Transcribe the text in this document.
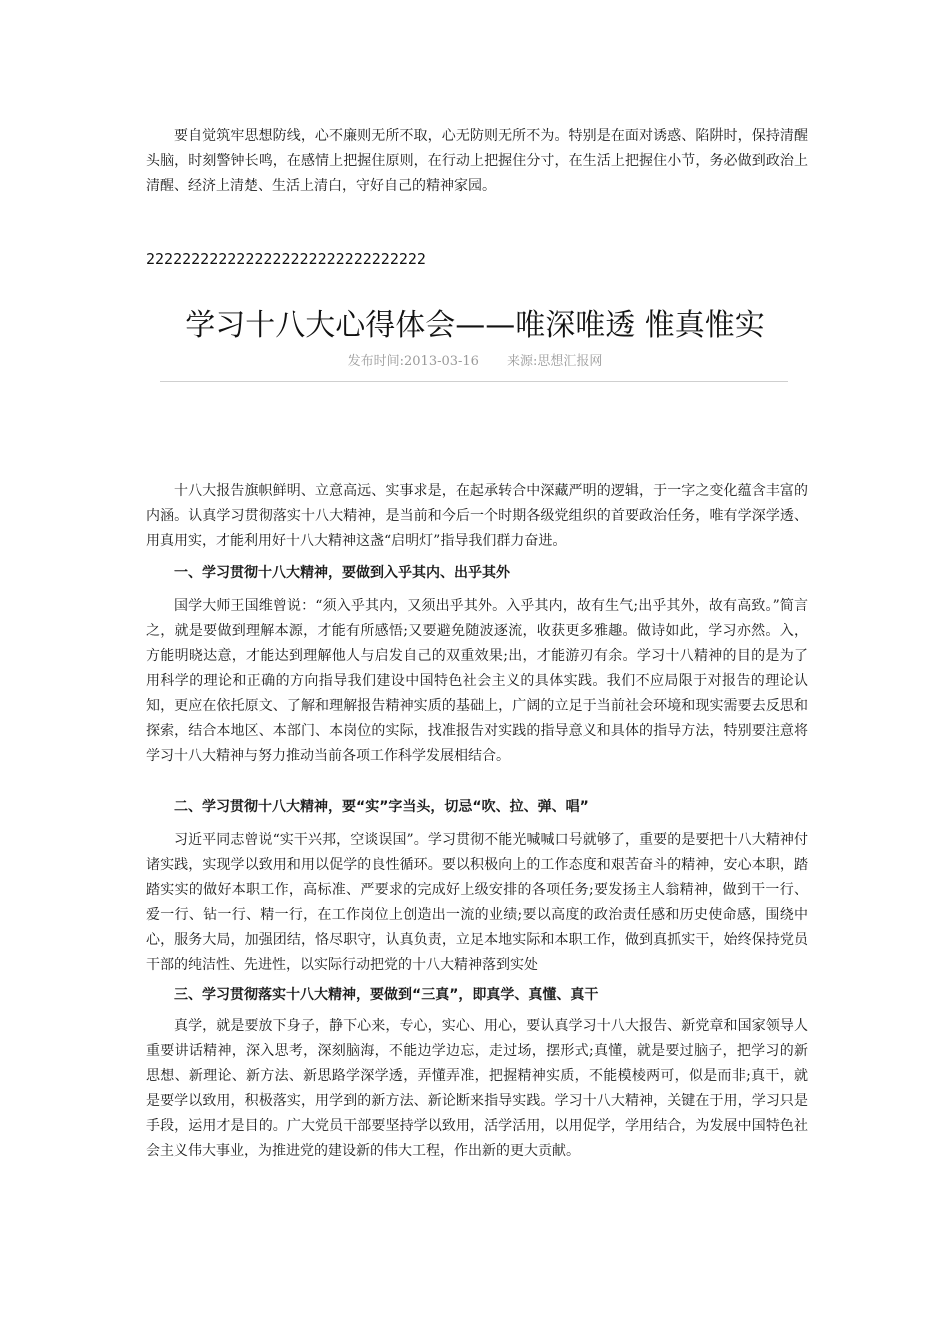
要自觉筑牢思想防线，心不廉则无所不取，心无防则无所不为。特别是在面对诱惑、陷阱时，保持清醒头脑，时刻警钟长鸣，在感情上把握住原则，在行动上把握住分寸，在生活上把握住小节，务必做到政治上清醒、经济上清楚、生活上清白，守好自己的精神家园。

2222222222222222222222222222222
学习十八大心得体会——唯深唯透 惟真惟实
发布时间:2013-03-16 来源:思想汇报网

十八大报告旗帜鲜明、立意高远、实事求是，在起承转合中深藏严明的逻辑，于一字之变化蕴含丰富的内涵。认真学习贯彻落实十八大精神，是当前和今后一个时期各级党组织的首要政治任务，唯有学深学透、用真用实，才能利用好十八大精神这盏“启明灯”指导我们群力奋进。

一、学习贯彻十八大精神，要做到入乎其内、出乎其外

国学大师王国维曾说：“须入乎其内，又须出乎其外。入乎其内，故有生气;出乎其外，故有高致。”简言之，就是要做到理解本源，才能有所感悟;又要避免随波逐流，收获更多雅趣。做诗如此，学习亦然。入，方能明晓达意，才能达到理解他人与启发自己的双重效果;出，才能游刃有余。学习十八精神的目的是为了用科学的理论和正确的方向指导我们建设中国特色社会主义的具体实践。我们不应局限于对报告的理论认知，更应在依托原文、了解和理解报告精神实质的基础上，广阔的立足于当前社会环境和现实需要去反思和探索，结合本地区、本部门、本岗位的实际，找准报告对实践的指导意义和具体的指导方法，特别要注意将学习十八大精神与努力推动当前各项工作科学发展相结合。

二、学习贯彻十八大精神，要“实”字当头，切忌“吹、拉、弹、唱”

习近平同志曾说“实干兴邦，空谈误国”。学习贯彻不能光喊喊口号就够了，重要的是要把十八大精神付诸实践，实现学以致用和用以促学的良性循环。要以积极向上的工作态度和艰苦奋斗的精神，安心本职，踏踏实实的做好本职工作，高标准、严要求的完成好上级安排的各项任务;要发扬主人翁精神，做到干一行、爱一行、钻一行、精一行，在工作岗位上创造出一流的业绩;要以高度的政治责任感和历史使命感，围绕中心，服务大局，加强团结，恪尽职守，认真负责，立足本地实际和本职工作，做到真抓实干，始终保持党员干部的纯洁性、先进性，以实际行动把党的十八大精神落到实处

三、学习贯彻落实十八大精神，要做到“三真”，即真学、真懂、真干

真学，就是要放下身子，静下心来，专心，实心、用心，要认真学习十八大报告、新党章和国家领导人重要讲话精神，深入思考，深刻脑海，不能边学边忘，走过场，摆形式;真懂，就是要过脑子，把学习的新思想、新理论、新方法、新思路学深学透，弄懂弄准，把握精神实质，不能模棱两可，似是而非;真干，就是要学以致用，积极落实，用学到的新方法、新论断来指导实践。学习十八大精神，关键在于用，学习只是手段，运用才是目的。广大党员干部要坚持学以致用，活学活用，以用促学，学用结合，为发展中国特色社会主义伟大事业，为推进党的建设新的伟大工程，作出新的更大贡献。
